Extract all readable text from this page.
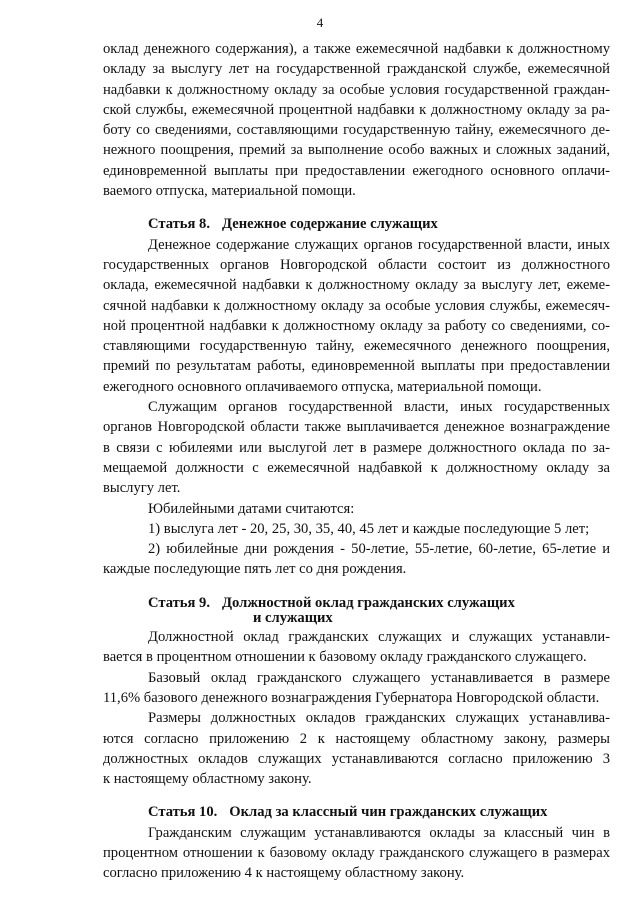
4
оклад денежного содержания), а также ежемесячной надбавки к должностному
окладу за выслугу лет на государственной гражданской службе, ежемесячной
надбавки к должностному окладу за особые условия государственной граждан-
ской службы, ежемесячной процентной надбавки к должностному окладу за ра-
боту со сведениями, составляющими государственную тайну, ежемесячного де-
нежного поощрения, премий за выполнение особо важных и сложных заданий,
единовременной выплаты при предоставлении ежегодного основного оплачи-
ваемого отпуска, материальной помощи.
Статья 8. Денежное содержание служащих
Денежное содержание служащих органов государственной власти, иных
государственных органов Новгородской области состоит из должностного
оклада, ежемесячной надбавки к должностному окладу за выслугу лет, ежеме-
сячной надбавки к должностному окладу за особые условия службы, ежемесяч-
ной процентной надбавки к должностному окладу за работу со сведениями, со-
ставляющими государственную тайну, ежемесячного денежного поощрения,
премий по результатам работы, единовременной выплаты при предоставлении
ежегодного основного оплачиваемого отпуска, материальной помощи.
Служащим органов государственной власти, иных государственных
органов Новгородской области также выплачивается денежное вознаграждение
в связи с юбилеями или выслугой лет в размере должностного оклада по за-
мещаемой должности с ежемесячной надбавкой к должностному окладу за
выслугу лет.
Юбилейными датами считаются:
1) выслуга лет - 20, 25, 30, 35, 40, 45 лет и каждые последующие 5 лет;
2) юбилейные дни рождения - 50-летие, 55-летие, 60-летие, 65-летие и
каждые последующие пять лет со дня рождения.
Статья 9. Должностной оклад гражданских служащих
и служащих
Должностной оклад гражданских служащих и служащих устанавли-
вается в процентном отношении к базовому окладу гражданского служащего.
Базовый оклад гражданского служащего устанавливается в размере
11,6% базового денежного вознаграждения Губернатора Новгородской области.
Размеры должностных окладов гражданских служащих устанавлива-
ются согласно приложению 2 к настоящему областному закону, размеры
должностных окладов служащих устанавливаются согласно приложению 3
к настоящему областному закону.
Статья 10. Оклад за классный чин гражданских служащих
Гражданским служащим устанавливаются оклады за классный чин в
процентном отношении к базовому окладу гражданского служащего в размерах
согласно приложению 4 к настоящему областному закону.
